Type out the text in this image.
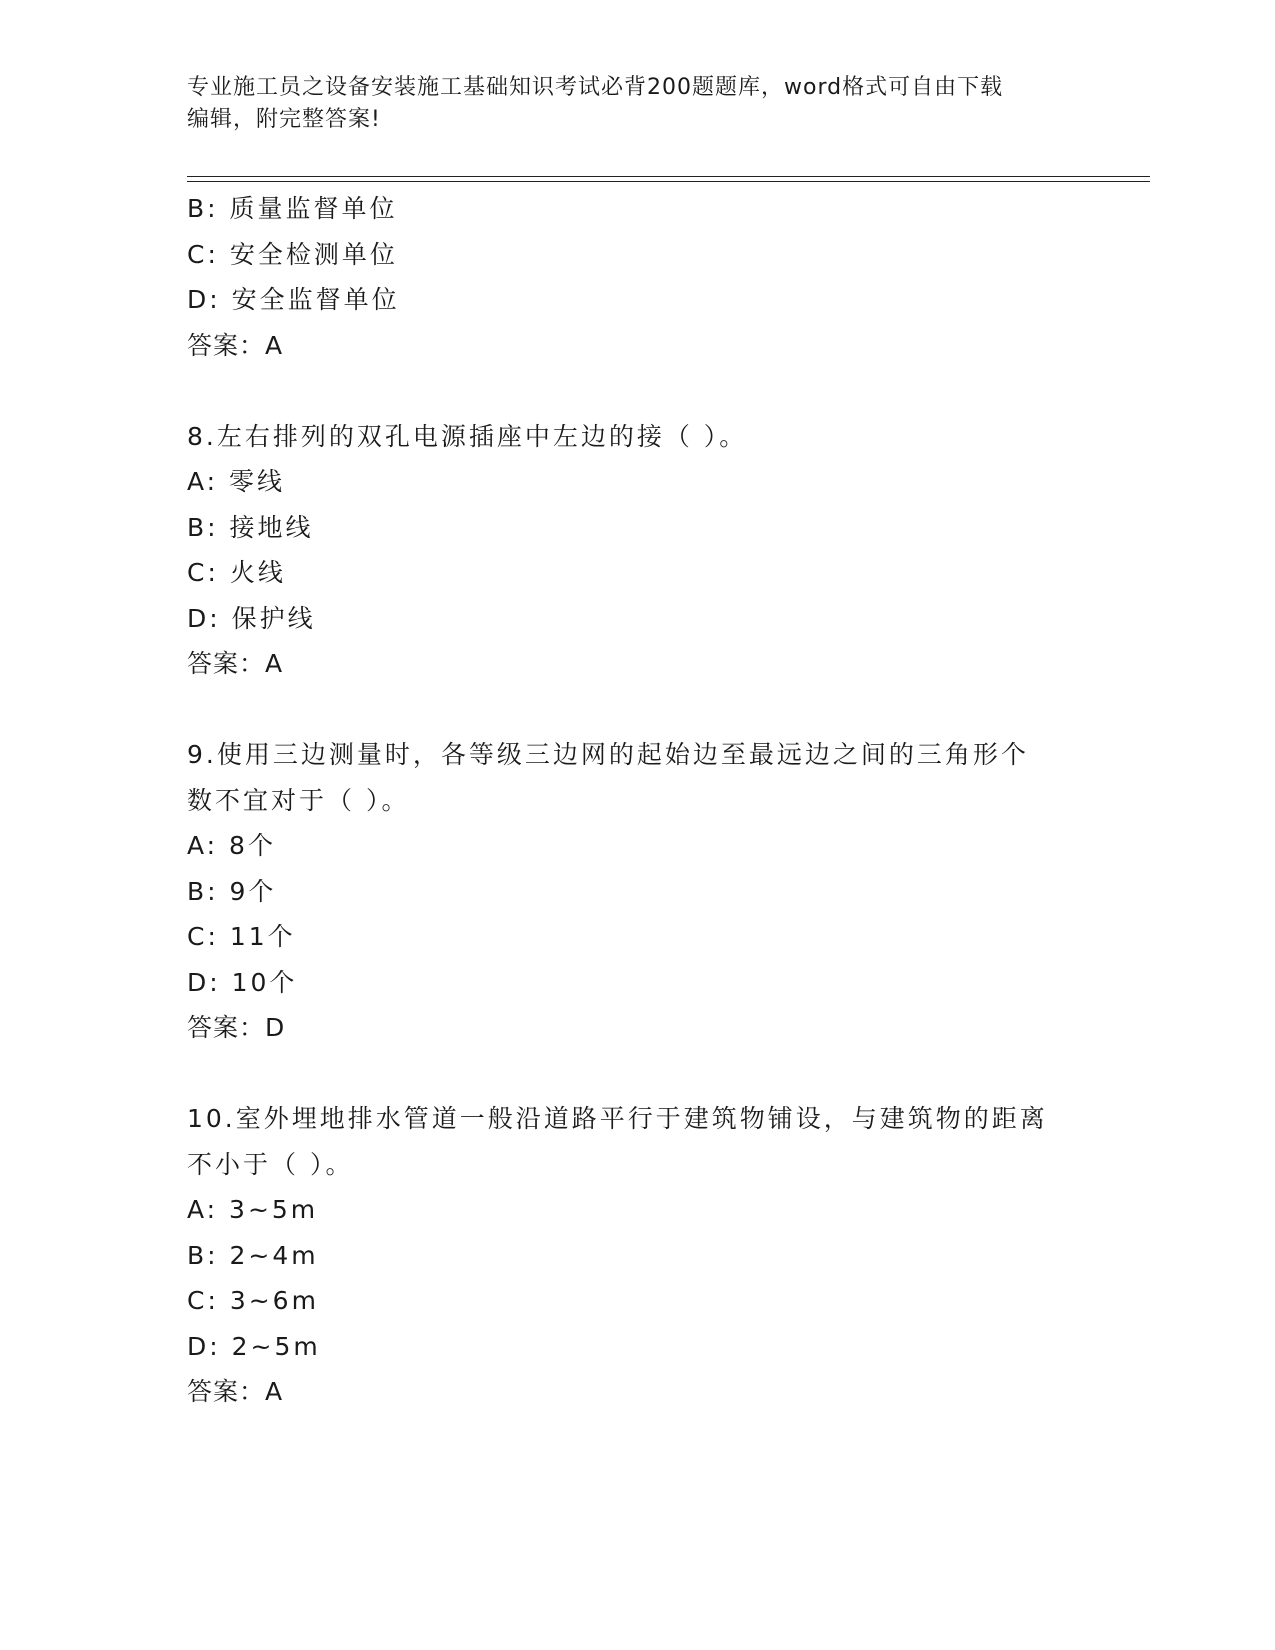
专业施工员之设备安装施工基础知识考试必背200题题库，word格式可自由下载
编辑，附完整答案!
B: 质量监督单位
C: 安全检测单位
D: 安全监督单位
答案：A
8.左右排列的双孔电源插座中左边的接（ ）。
A: 零线
B: 接地线
C: 火线
D: 保护线
答案：A
9.使用三边测量时，各等级三边网的起始边至最远边之间的三角形个
数不宜对于（ ）。
A: 8个
B: 9个
C: 11个
D: 10个
答案：D
10.室外埋地排水管道一般沿道路平行于建筑物铺设，与建筑物的距离
不小于（ ）。
A: 3~5m
B: 2~4m
C: 3~6m
D: 2~5m
答案：A
